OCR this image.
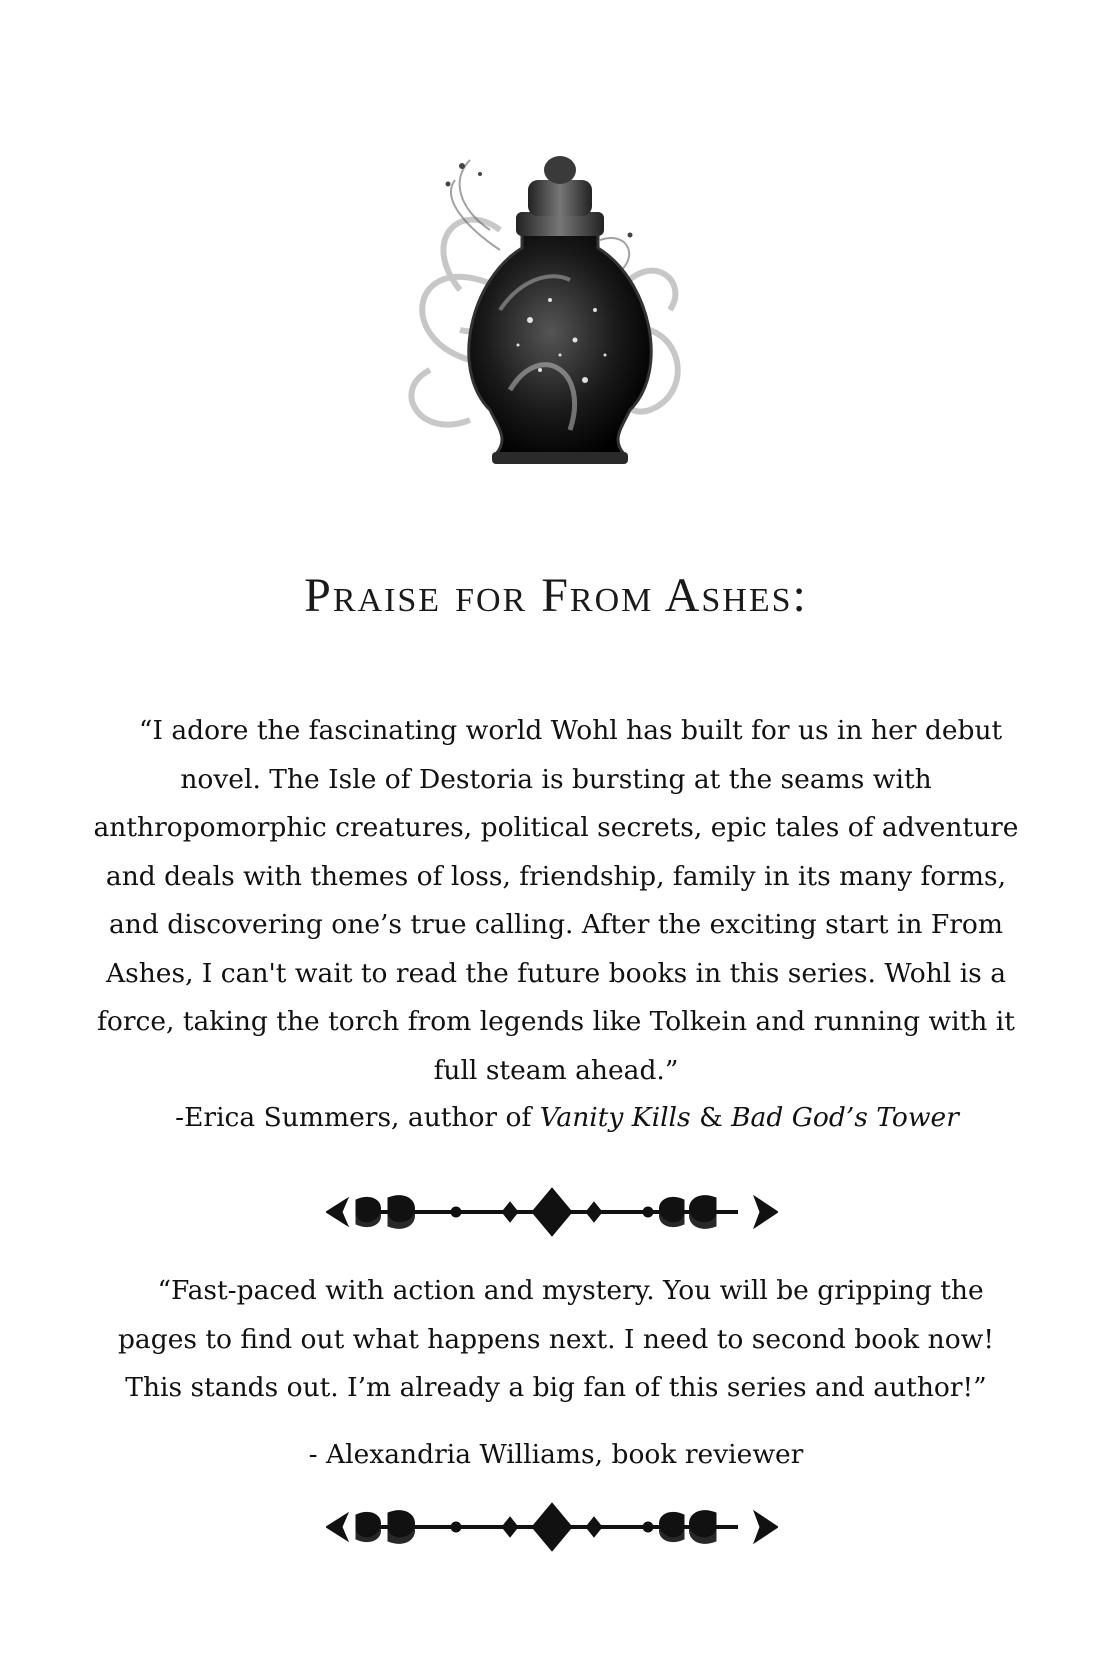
Praise for From Ashes:

“I adore the fascinating world Wohl has built for us in her debut novel. The Isle of Destoria is bursting at the seams with anthropomorphic creatures, political secrets, epic tales of adventure and deals with themes of loss, friendship, family in its many forms, and discovering one’s true calling. After the exciting start in From Ashes, I can't wait to read the future books in this series. Wohl is a force, taking the torch from legends like Tolkein and running with it full steam ahead.”

-Erica Summers, author of Vanity Kills & Bad God’s Tower

“Fast-paced with action and mystery. You will be gripping the pages to find out what happens next. I need to second book now! This stands out. I’m already a big fan of this series and author!”

- Alexandria Williams, book reviewer
